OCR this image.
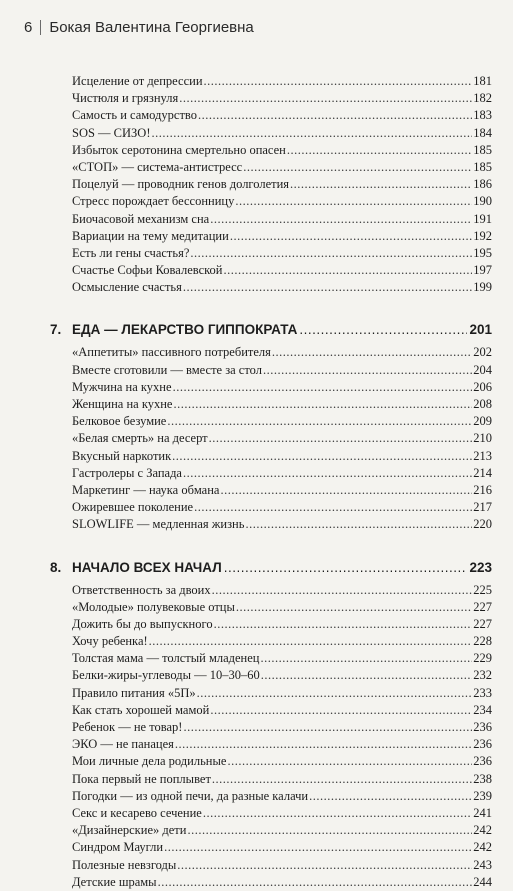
6 Бокая Валентина Георгиевна
Исцеление от депрессии .....	181
Чистюля и грязнуля .....	182
Самость и самодурство .....	183
SOS — СИЗО! .....	184
Избыток серотонина смертельно опасен .....	185
«СТОП» — система-антистресс .....	185
Поцелуй — проводник генов долголетия .....	186
Стресс порождает бессонницу .....	190
Биочасовой механизм сна .....	191
Вариации на тему медитации .....	192
Есть ли гены счастья? .....	195
Счастье Софьи Ковалевской .....	197
Осмысление счастья .....	199
7. ЕДА — ЛЕКАРСТВО ГИППОКРАТА .....	201
«Аппетиты» пассивного потребителя .....	202
Вместе сготовили — вместе за стол .....	204
Мужчина на кухне .....	206
Женщина на кухне .....	208
Белковое безумие .....	209
«Белая смерть» на десерт .....	210
Вкусный наркотик .....	213
Гастролеры с Запада .....	214
Маркетинг — наука обмана .....	216
Ожиревшее поколение .....	217
SLOWLIFE — медленная жизнь .....	220
8. НАЧАЛО ВСЕХ НАЧАЛ .....	223
Ответственность за двоих .....	225
«Молодые» полувековые отцы .....	227
Дожить бы до выпускного .....	227
Хочу ребенка! .....	228
Толстая мама — толстый младенец .....	229
Белки-жиры-углеводы — 10–30–60 .....	232
Правило питания «5П» .....	233
Как стать хорошей мамой .....	234
Ребенок — не товар! .....	236
ЭКО — не панацея .....	236
Мои личные дела родильные .....	236
Пока первый не поплывет .....	238
Погодки — из одной печи, да разные калачи .....	239
Секс и кесарево сечение .....	241
«Дизайнерские» дети .....	242
Синдром Маугли .....	242
Полезные невзгоды .....	243
Детские шрамы .....	244
